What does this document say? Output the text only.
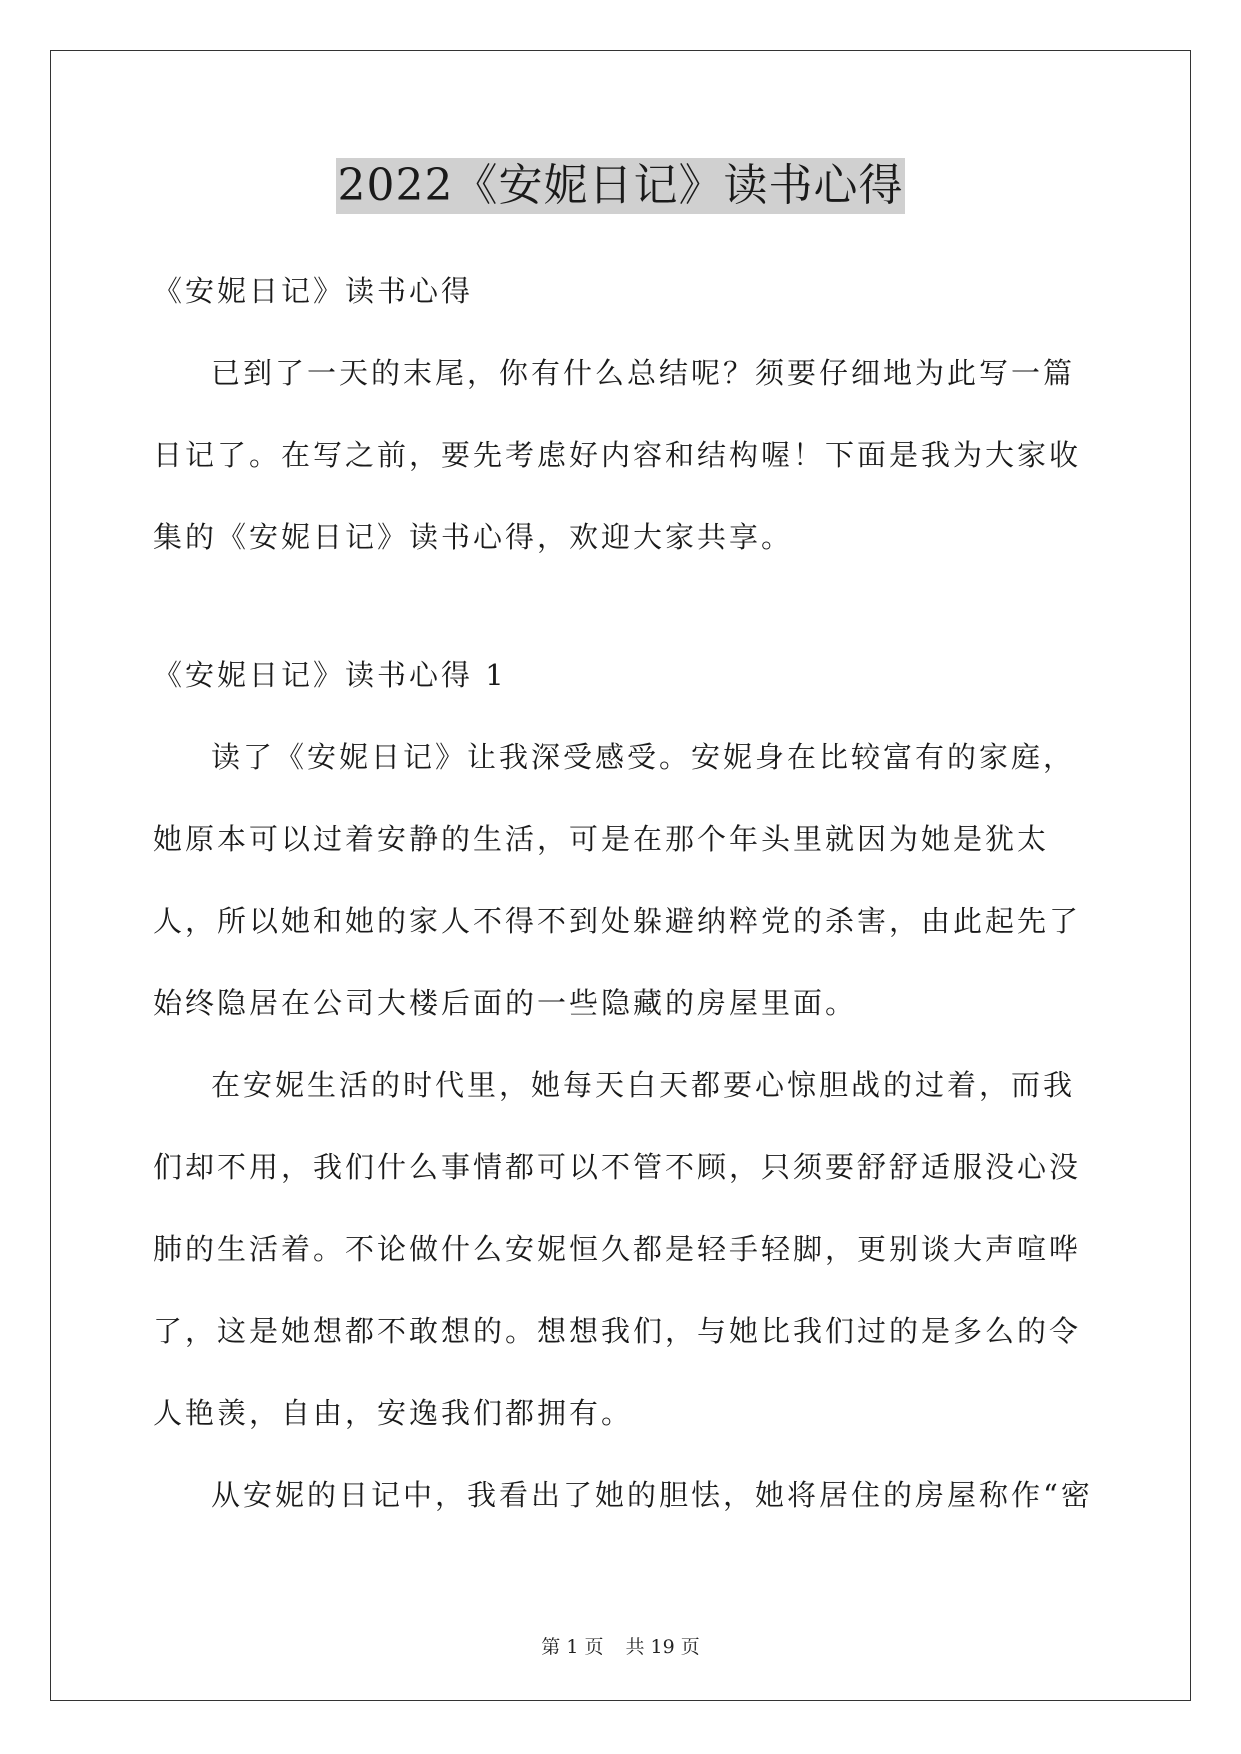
2022《安妮日记》读书心得

《安妮日记》读书心得

已到了一天的末尾，你有什么总结呢？须要仔细地为此写一篇日记了。在写之前，要先考虑好内容和结构喔！下面是我为大家收集的《安妮日记》读书心得，欢迎大家共享。

《安妮日记》读书心得 1

读了《安妮日记》让我深受感受。安妮身在比较富有的家庭，她原本可以过着安静的生活，可是在那个年头里就因为她是犹太人，所以她和她的家人不得不到处躲避纳粹党的杀害，由此起先了始终隐居在公司大楼后面的一些隐藏的房屋里面。

在安妮生活的时代里，她每天白天都要心惊胆战的过着，而我们却不用，我们什么事情都可以不管不顾，只须要舒舒适服没心没肺的生活着。不论做什么安妮恒久都是轻手轻脚，更别谈大声喧哗了，这是她想都不敢想的。想想我们，与她比我们过的是多么的令人艳羡，自由，安逸我们都拥有。

从安妮的日记中，我看出了她的胆怯，她将居住的房屋称作“密

第 1 页 共 19 页
